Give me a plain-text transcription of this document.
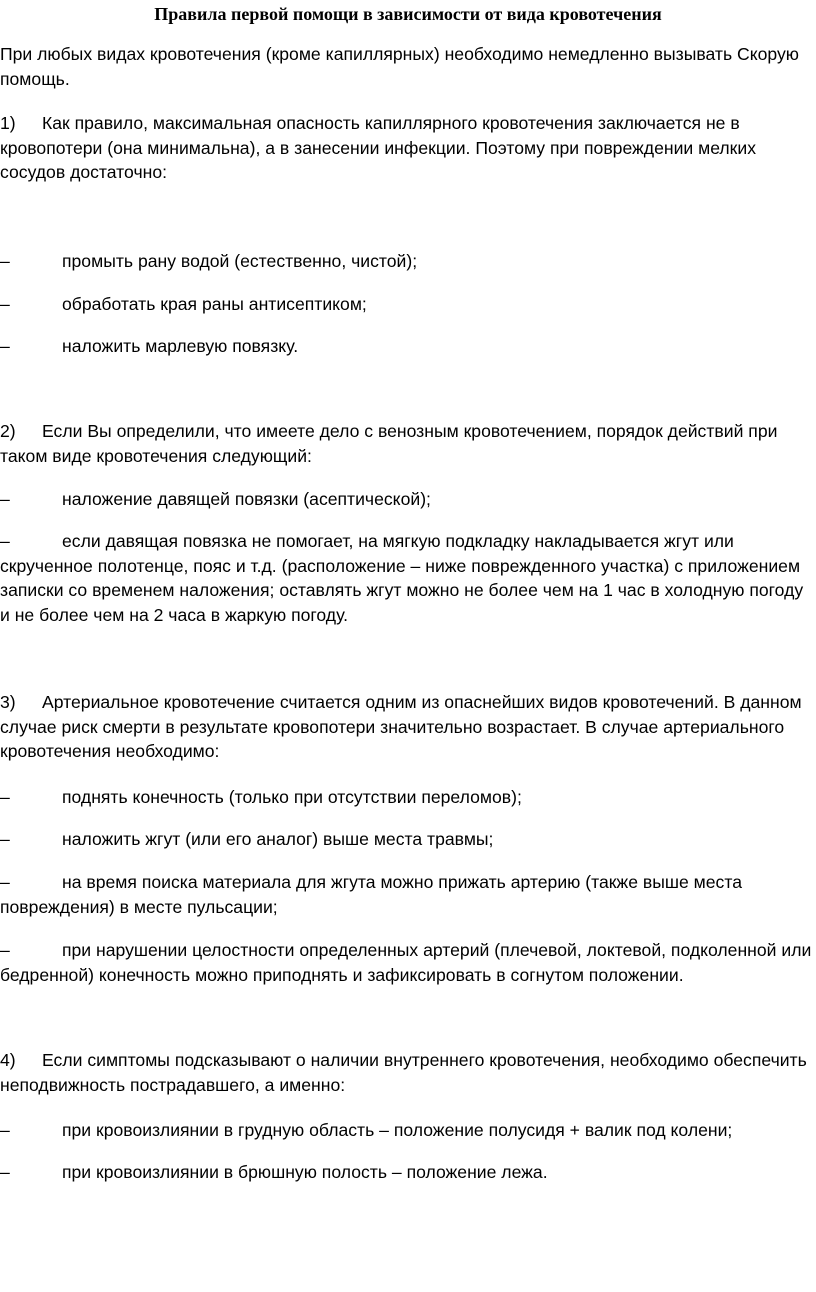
Правила первой помощи в зависимости от вида кровотечения

При любых видах кровотечения (кроме капиллярных) необходимо немедленно вызывать Скорую помощь.

1) Как правило, максимальная опасность капиллярного кровотечения заключается не в кровопотери (она минимальна), а в занесении инфекции. Поэтому при повреждении мелких сосудов достаточно:

–	промыть рану водой (естественно, чистой);

–	обработать края раны антисептиком;

–	наложить марлевую повязку.

2) Если Вы определили, что имеете дело с венозным кровотечением, порядок действий при таком виде кровотечения следующий:

–	наложение давящей повязки (асептической);

–	если давящая повязка не помогает, на мягкую подкладку накладывается жгут или скрученное полотенце, пояс и т.д. (расположение – ниже поврежденного участка) с приложением записки со временем наложения; оставлять жгут можно не более чем на 1 час в холодную погоду и не более чем на 2 часа в жаркую погоду.

3) Артериальное кровотечение считается одним из опаснейших видов кровотечений. В данном случае риск смерти в результате кровопотери значительно возрастает. В случае артериального кровотечения необходимо:

–	поднять конечность (только при отсутствии переломов);

–	наложить жгут (или его аналог) выше места травмы;

–	на время поиска материала для жгута можно прижать артерию (также выше места повреждения) в месте пульсации;

–	при нарушении целостности определенных артерий (плечевой, локтевой, подколенной или бедренной) конечность можно приподнять и зафиксировать в согнутом положении.

4) Если симптомы подсказывают о наличии внутреннего кровотечения, необходимо обеспечить неподвижность пострадавшего, а именно:

–	при кровоизлиянии в грудную область – положение полусидя + валик под колени;

–	при кровоизлиянии в брюшную полость – положение лежа.
